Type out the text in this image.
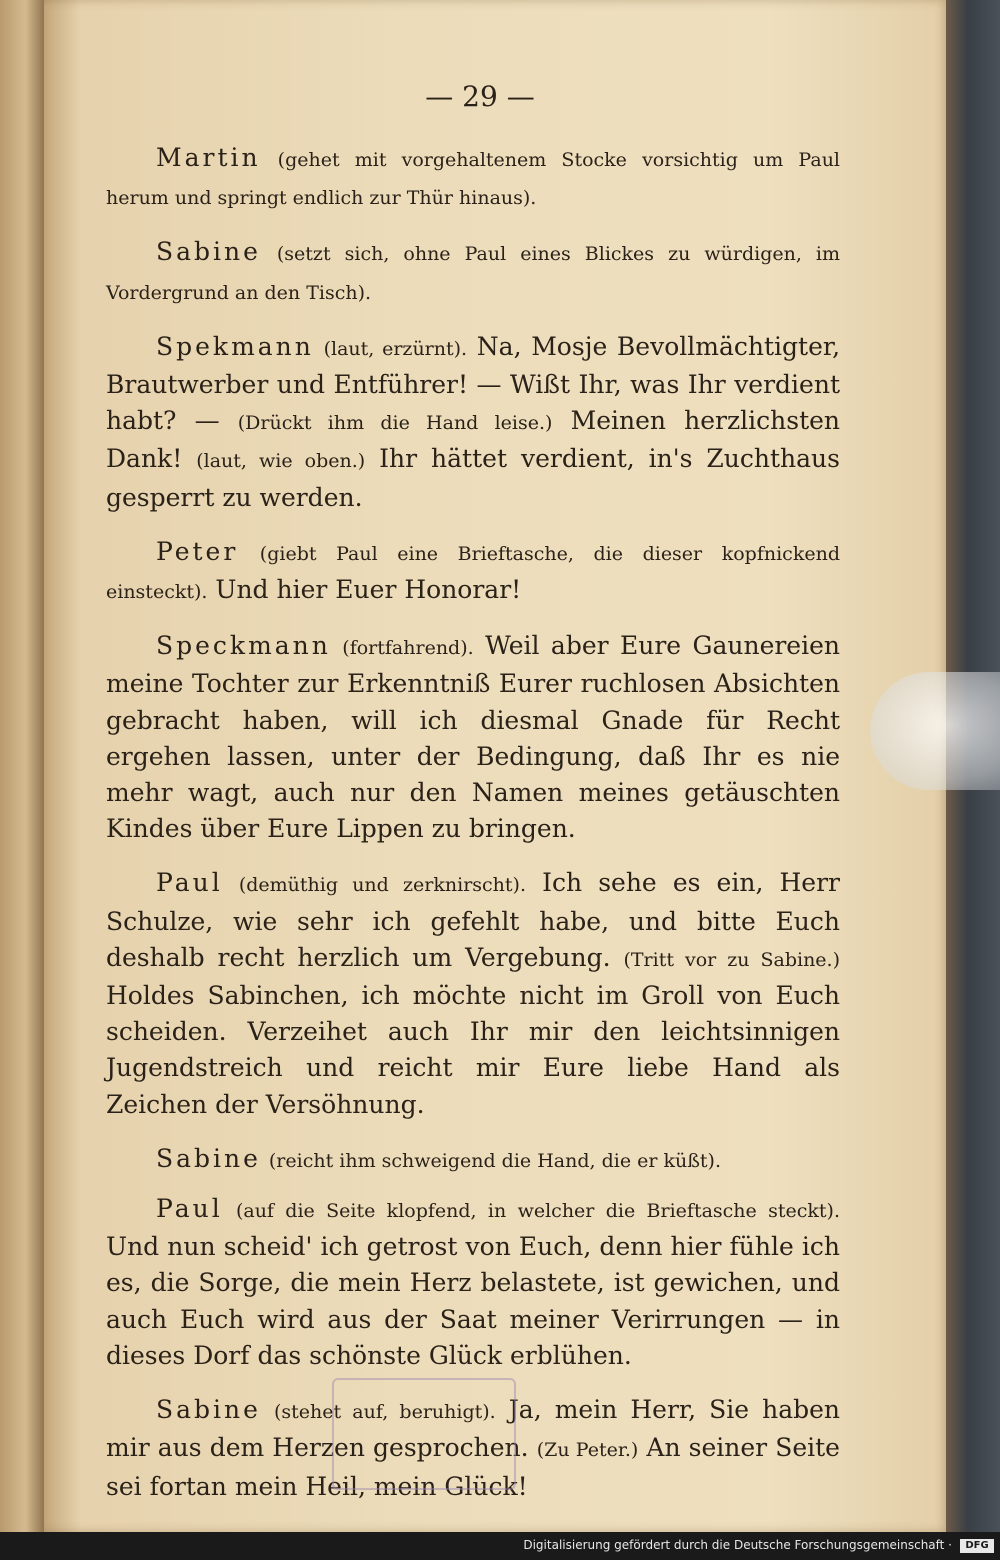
— 29 —

Martin (gehet mit vorgehaltenem Stocke vorsichtig um Paul herum und springt endlich zur Thür hinaus).

Sabine (setzt sich, ohne Paul eines Blickes zu würdigen, im Vordergrund an den Tisch).

Spekmann (laut, erzürnt). Na, Mosje Bevollmächtigter, Brautwerber und Entführer! — Wißt Ihr, was Ihr verdient habt? — (Drückt ihm die Hand leise.) Meinen herzlichsten Dank! (laut, wie oben.) Ihr hättet verdient, in's Zuchthaus gesperrt zu werden.

Peter (giebt Paul eine Brieftasche, die dieser kopfnickend einsteckt). Und hier Euer Honorar!

Speckmann (fortfahrend). Weil aber Eure Gaunereien meine Tochter zur Erkenntniß Eurer ruchlosen Absichten gebracht haben, will ich diesmal Gnade für Recht ergehen lassen, unter der Bedingung, daß Ihr es nie mehr wagt, auch nur den Namen meines getäuschten Kindes über Eure Lippen zu bringen.

Paul (demüthig und zerknirscht). Ich sehe es ein, Herr Schulze, wie sehr ich gefehlt habe, und bitte Euch deshalb recht herzlich um Vergebung. (Tritt vor zu Sabine.) Holdes Sabinchen, ich möchte nicht im Groll von Euch scheiden. Verzeihet auch Ihr mir den leichtsinnigen Jugendstreich und reicht mir Eure liebe Hand als Zeichen der Versöhnung.

Sabine (reicht ihm schweigend die Hand, die er küßt).

Paul (auf die Seite klopfend, in welcher die Brieftasche steckt). Und nun scheid' ich getrost von Euch, denn hier fühle ich es, die Sorge, die mein Herz belastete, ist gewichen, und auch Euch wird aus der Saat meiner Verirrungen — in dieses Dorf das schönste Glück erblühen.

Sabine (stehet auf, beruhigt). Ja, mein Herr, Sie haben mir aus dem Herzen gesprochen. (Zu Peter.) An seiner Seite sei fortan mein Heil, mein Glück!

Digitalisierung gefördert durch die Deutsche Forschungsgemeinschaft ·	DFG
